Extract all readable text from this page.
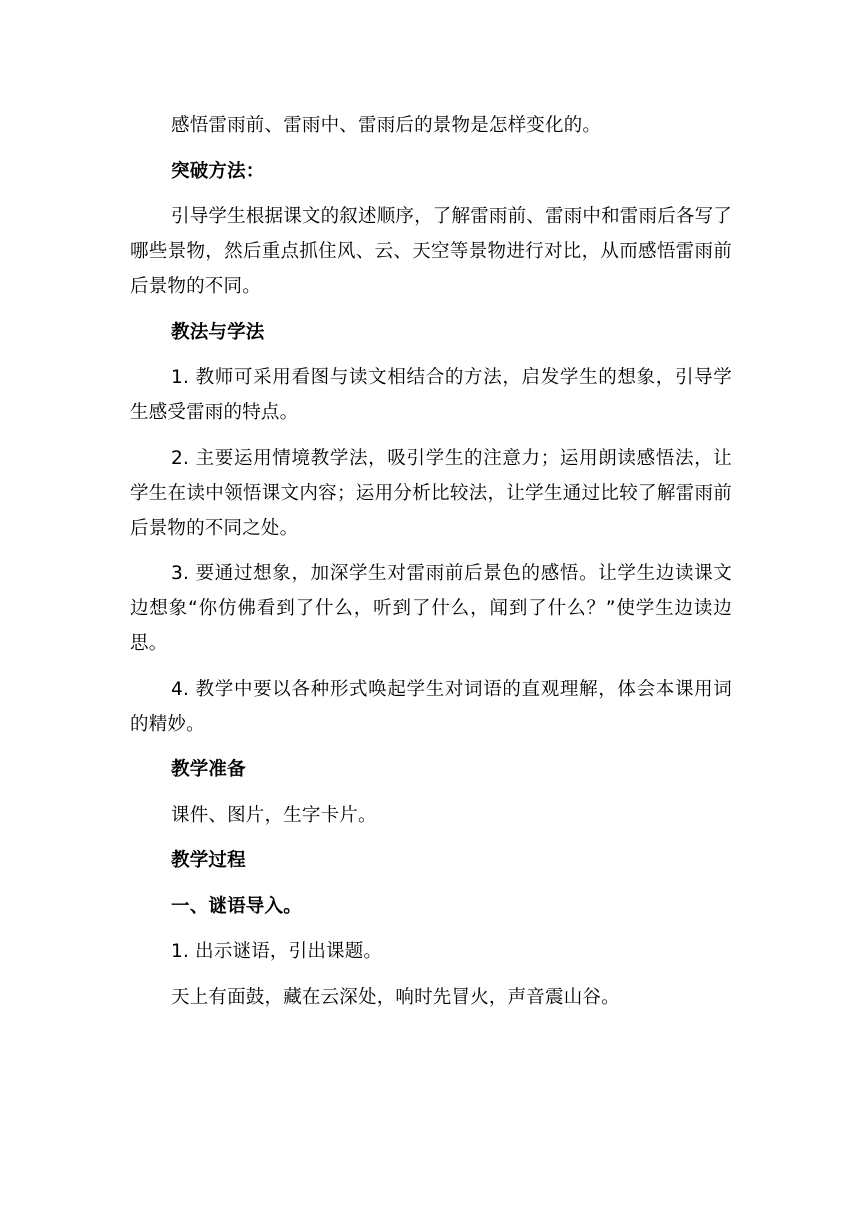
感悟雷雨前、雷雨中、雷雨后的景物是怎样变化的。

突破方法：

引导学生根据课文的叙述顺序，了解雷雨前、雷雨中和雷雨后各写了哪些景物，然后重点抓住风、云、天空等景物进行对比，从而感悟雷雨前后景物的不同。

教法与学法

1. 教师可采用看图与读文相结合的方法，启发学生的想象，引导学生感受雷雨的特点。

2. 主要运用情境教学法，吸引学生的注意力；运用朗读感悟法，让学生在读中领悟课文内容；运用分析比较法，让学生通过比较了解雷雨前后景物的不同之处。

3. 要通过想象，加深学生对雷雨前后景色的感悟。让学生边读课文边想象“你仿佛看到了什么，听到了什么，闻到了什么？”使学生边读边思。

4. 教学中要以各种形式唤起学生对词语的直观理解，体会本课用词的精妙。

教学准备

课件、图片，生字卡片。

教学过程

一、谜语导入。

1. 出示谜语，引出课题。

天上有面鼓，藏在云深处，响时先冒火，声音震山谷。
